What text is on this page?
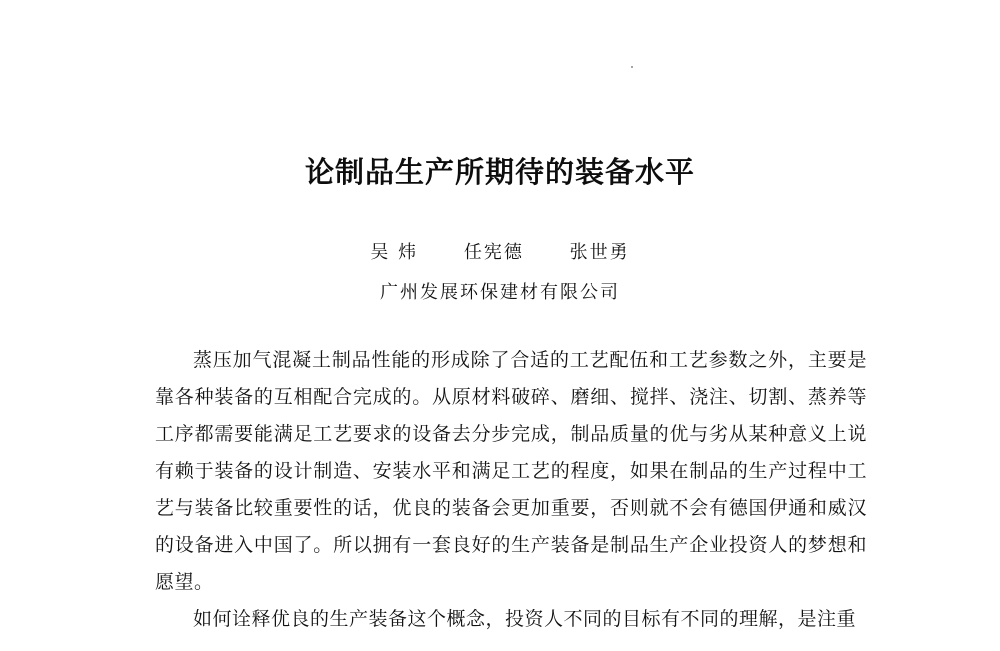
论制品生产所期待的装备水平
吴 炜	任宪德	张世勇
广州发展环保建材有限公司

蒸压加气混凝土制品性能的形成除了合适的工艺配伍和工艺参数之外，主要是靠各种装备的互相配合完成的。从原材料破碎、磨细、搅拌、浇注、切割、蒸养等工序都需要能满足工艺要求的设备去分步完成，制品质量的优与劣从某种意义上说有赖于装备的设计制造、安装水平和满足工艺的程度，如果在制品的生产过程中工艺与装备比较重要性的话，优良的装备会更加重要，否则就不会有德国伊通和威汉的设备进入中国了。所以拥有一套良好的生产装备是制品生产企业投资人的梦想和愿望。

如何诠释优良的生产装备这个概念，投资人不同的目标有不同的理解，是注重
